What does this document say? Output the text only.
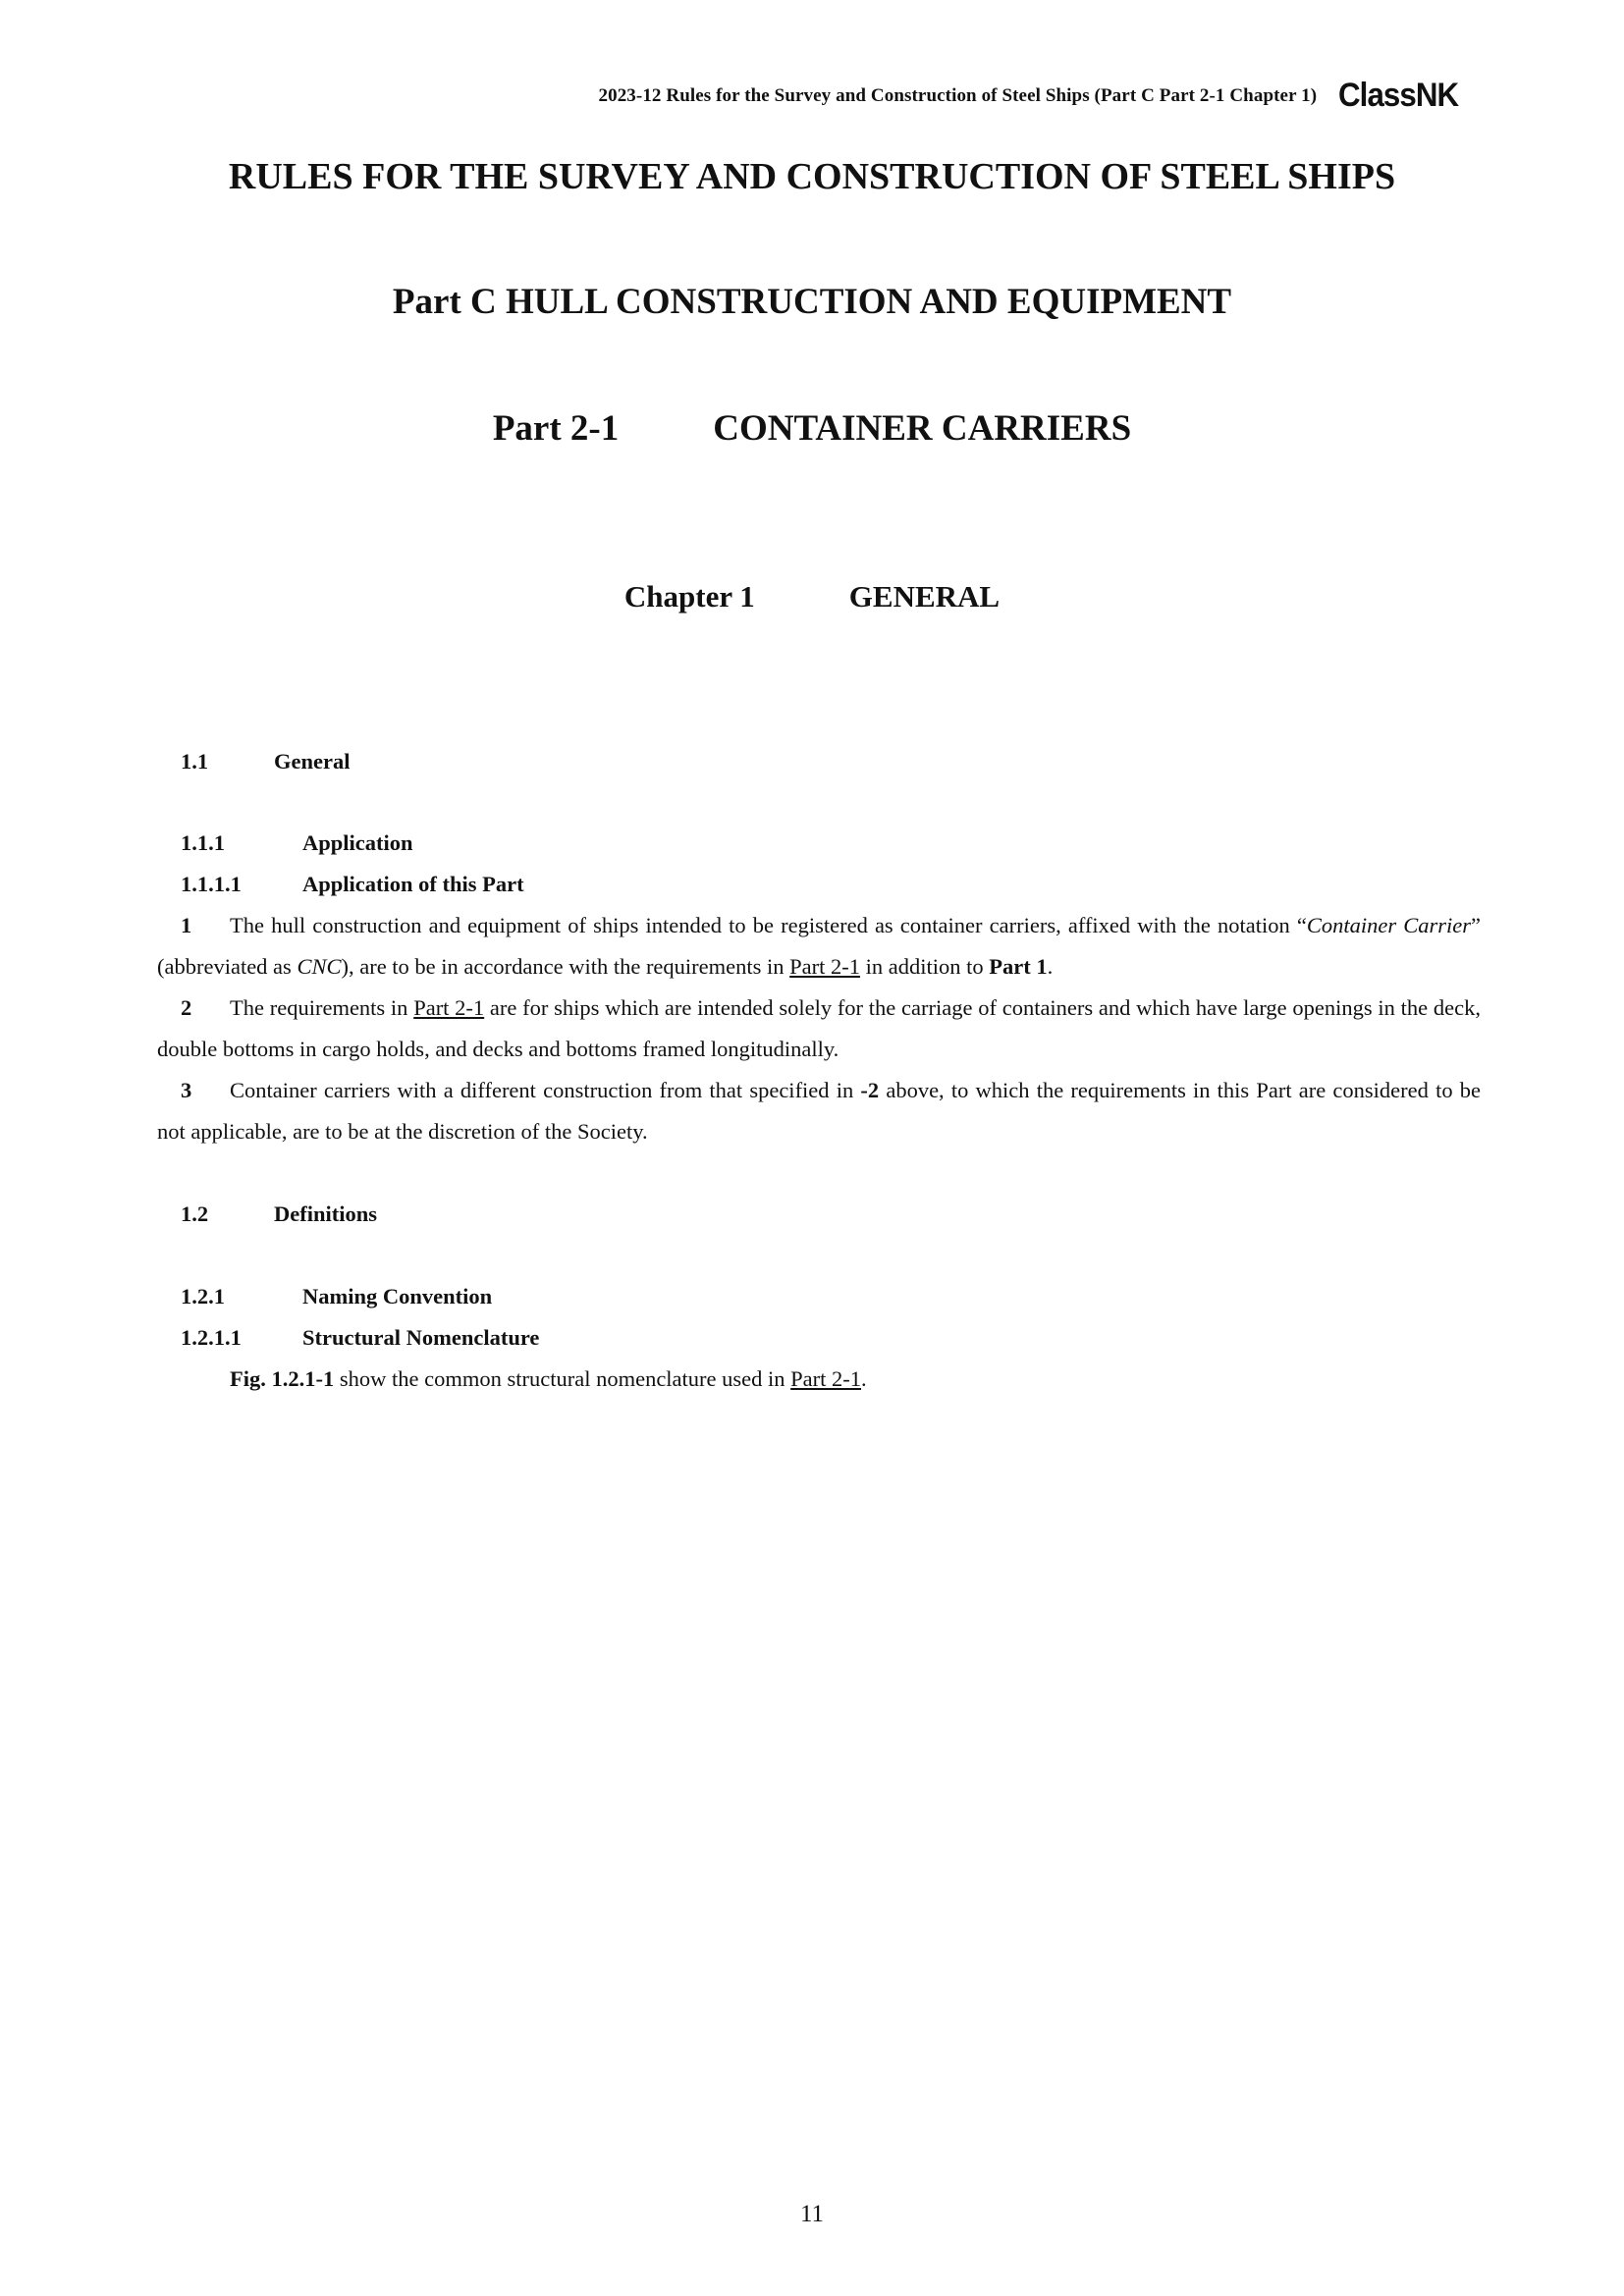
2023-12 Rules for the Survey and Construction of Steel Ships (Part C Part 2-1 Chapter 1) ClassNK
RULES FOR THE SURVEY AND CONSTRUCTION OF STEEL SHIPS
Part C HULL CONSTRUCTION AND EQUIPMENT
Part 2-1	CONTAINER CARRIERS
Chapter 1	GENERAL
1.1	General
1.1.1	Application
1.1.1.1	Application of this Part
1 The hull construction and equipment of ships intended to be registered as container carriers, affixed with the notation “Container Carrier” (abbreviated as CNC), are to be in accordance with the requirements in Part 2-1 in addition to Part 1.
2 The requirements in Part 2-1 are for ships which are intended solely for the carriage of containers and which have large openings in the deck, double bottoms in cargo holds, and decks and bottoms framed longitudinally.
3 Container carriers with a different construction from that specified in -2 above, to which the requirements in this Part are considered to be not applicable, are to be at the discretion of the Society.
1.2	Definitions
1.2.1	Naming Convention
1.2.1.1	Structural Nomenclature
Fig. 1.2.1-1 show the common structural nomenclature used in Part 2-1.
11
